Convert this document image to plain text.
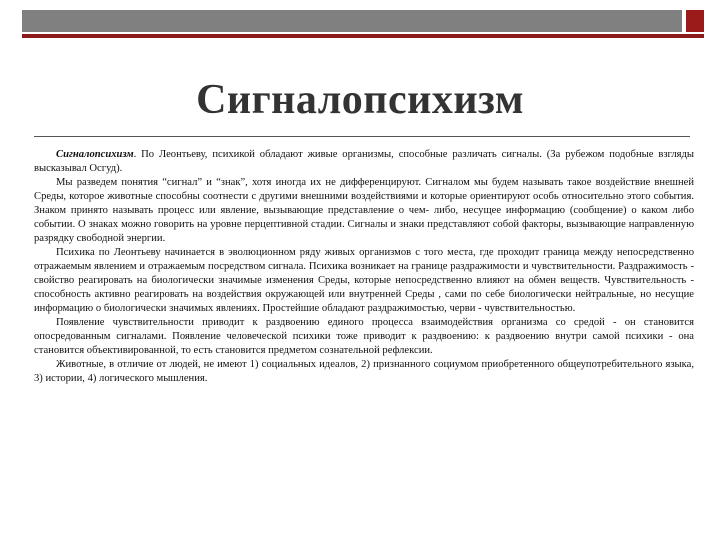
Сигналопсихизм

Сигналопсихизм. По Леонтьеву, психикой обладают живые организмы, способные различать сигналы. (За рубежом подобные взгляды высказывал Осгуд).

Мы разведем понятия “сигнал” и “знак”, хотя иногда их не дифференцируют. Сигналом мы будем называть такое воздействие внешней Среды, которое животные способны соотнести с другими внешними воздействиями и которые ориентируют особь относительно этого события. Знаком принято называть процесс или явление, вызывающие представление о чем- либо, несущее информацию (сообщение) о каком либо событии. О знаках можно говорить на уровне перцептивной стадии. Сигналы и знаки представляют собой факторы, вызывающие направленную разрядку свободной энергии.

Психика по Леонтьеву начинается в эволюционном ряду живых организмов с того места, где проходит граница между непосредственно отражаемым явлением и отражаемым посредством сигнала. Психика возникает на границе раздражимости и чувствительности. Раздражимость - свойство реагировать на биологически значимые изменения Среды, которые непосредственно влияют на обмен веществ. Чувствительность - способность активно реагировать на воздействия окружающей или внутренней Среды , сами по себе биологически нейтральные, но несущие информацию о биологически значимых явлениях. Простейшие обладают раздражимостью, черви - чувствительностью.

Появление чувствительности приводит к раздвоению единого процесса взаимодействия организма со средой - он становится опосредованным сигналами. Появление человеческой психики тоже приводит к раздвоению: к раздвоению внутри самой психики - она становится объективированной, то есть становится предметом сознательной рефлексии.

Животные, в отличие от людей, не имеют 1) социальных идеалов, 2) признанного социумом приобретенного общеупотребительного языка, 3) истории, 4) логического мышления.
